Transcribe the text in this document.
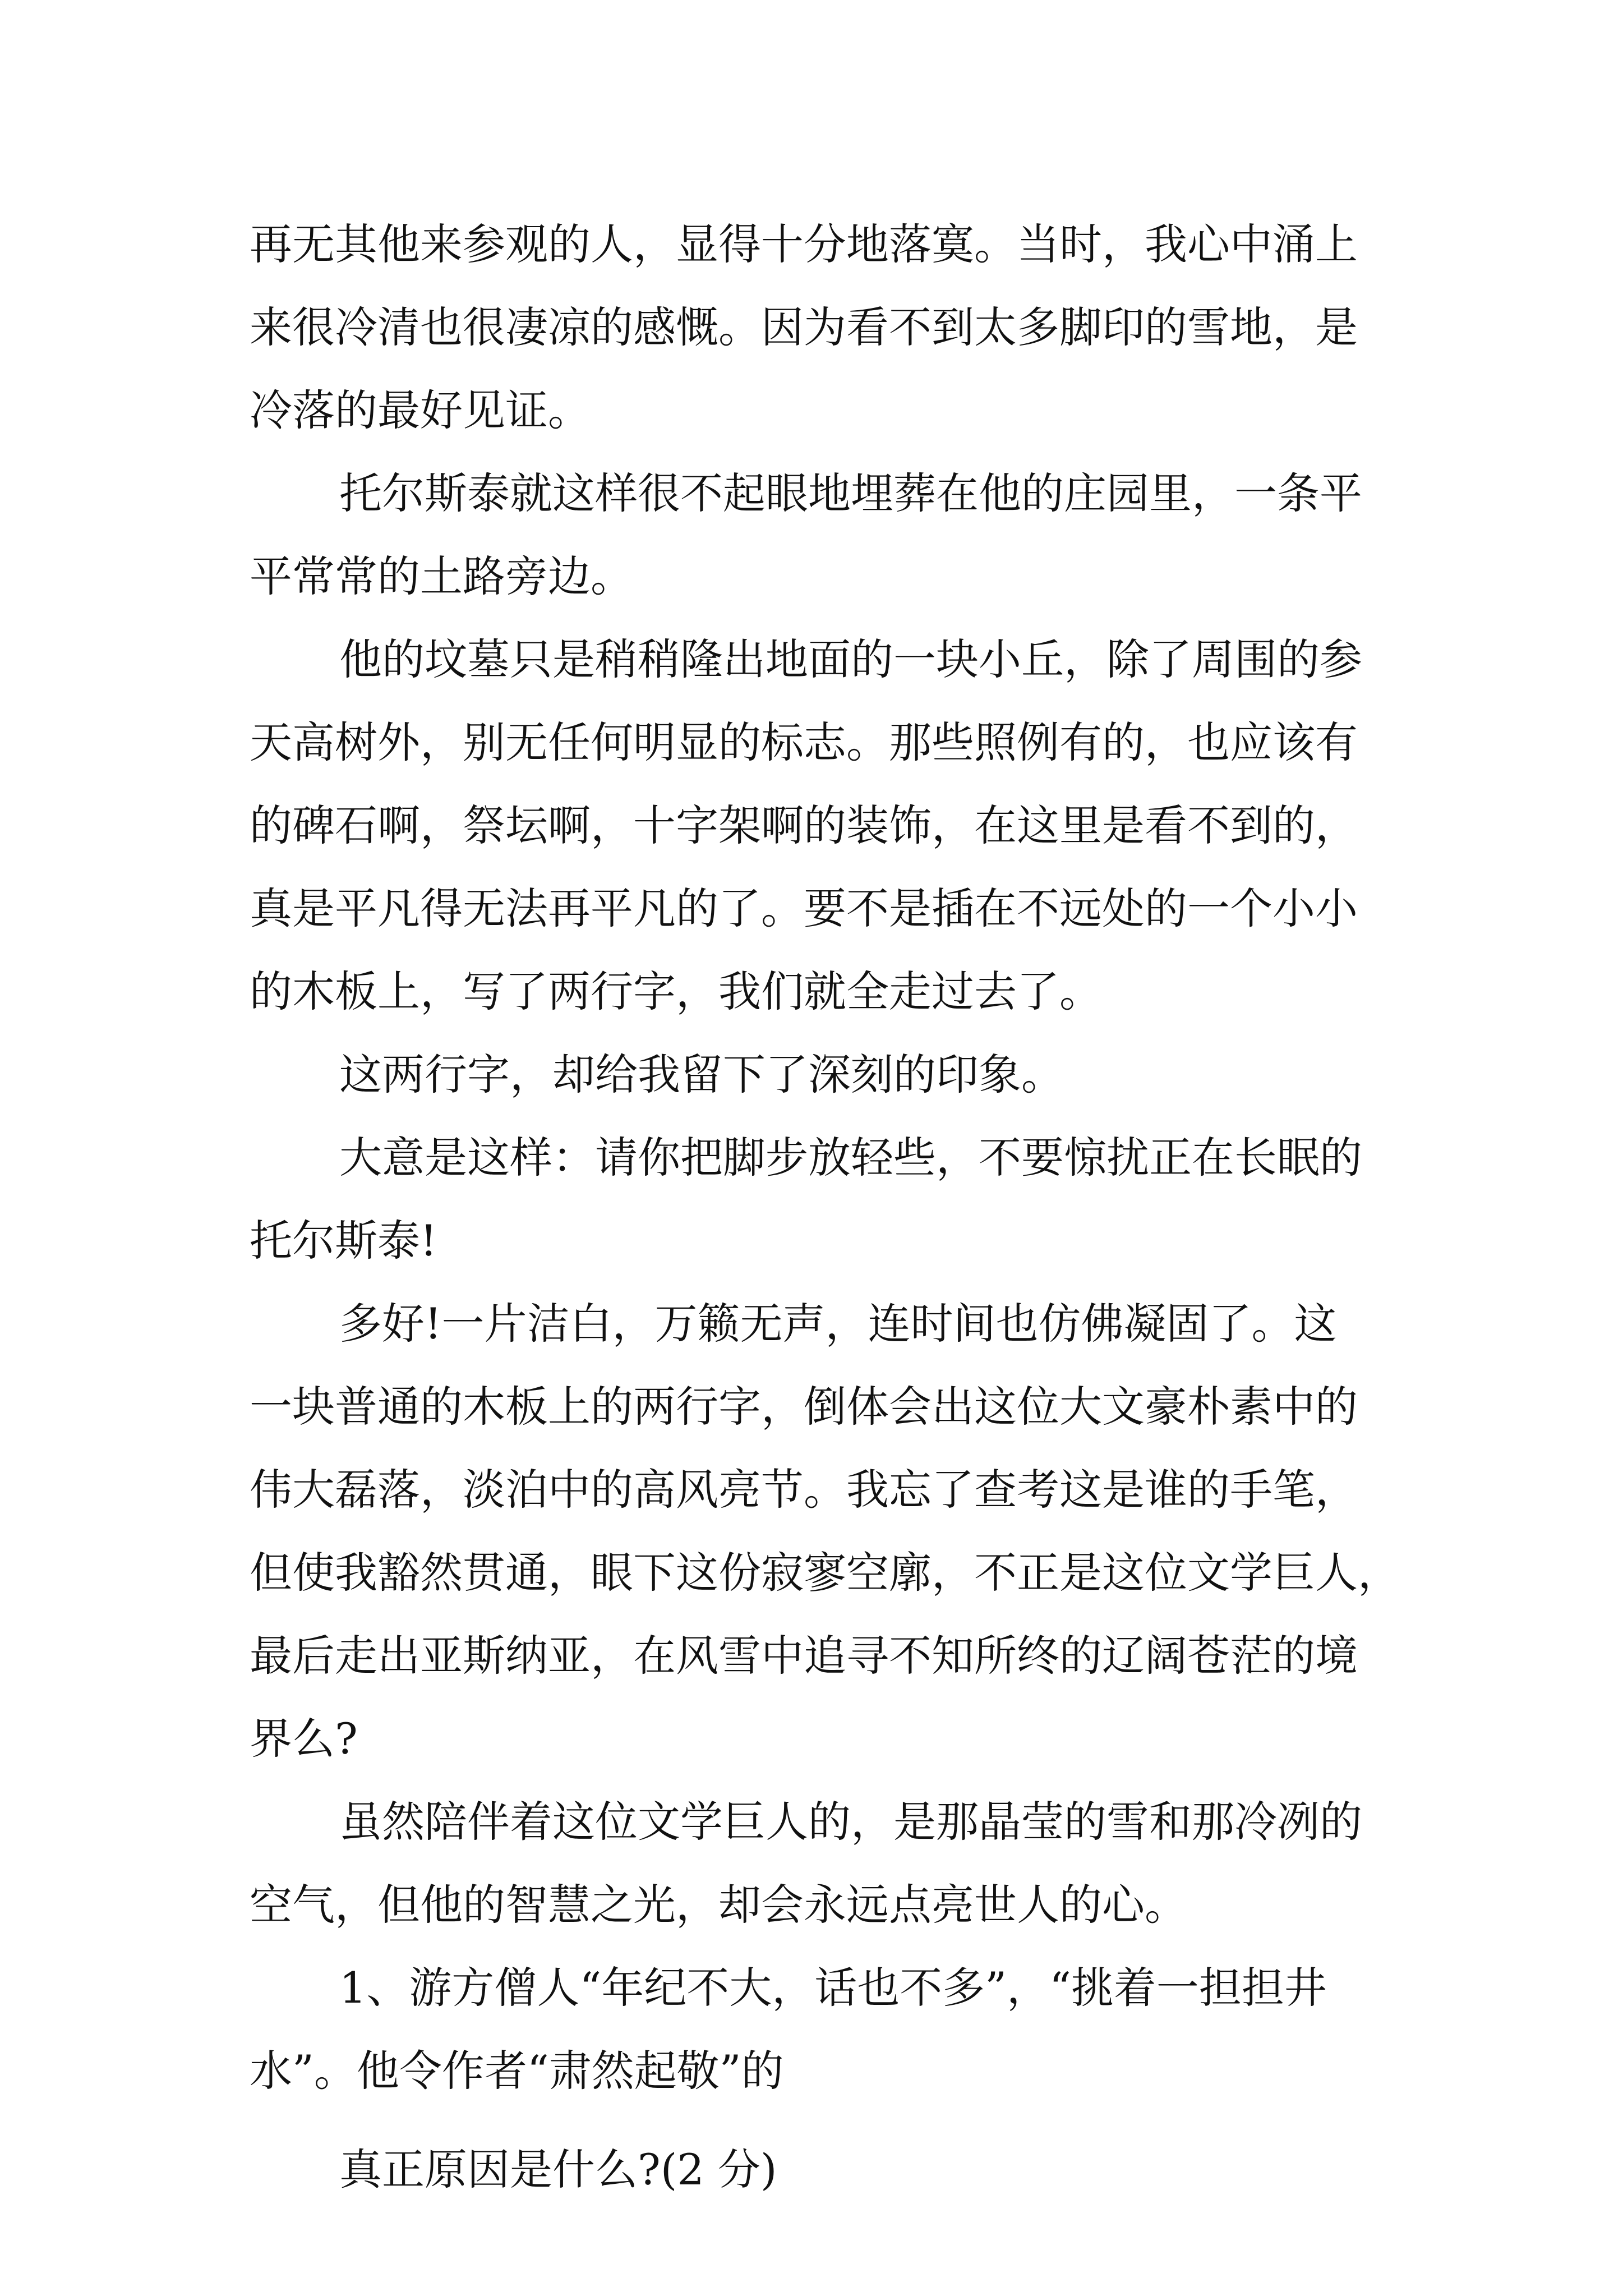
再无其他来参观的人，显得十分地落寞。当时，我心中涌上
来很冷清也很凄凉的感慨。因为看不到太多脚印的雪地，是
冷落的最好见证。

托尔斯泰就这样很不起眼地埋葬在他的庄园里，一条平
平常常的土路旁边。

他的坟墓只是稍稍隆出地面的一块小丘，除了周围的参
天高树外，别无任何明显的标志。那些照例有的，也应该有
的碑石啊，祭坛啊，十字架啊的装饰，在这里是看不到的，
真是平凡得无法再平凡的了。要不是插在不远处的一个小小
的木板上，写了两行字，我们就全走过去了。

这两行字，却给我留下了深刻的印象。

大意是这样：请你把脚步放轻些，不要惊扰正在长眠的
托尔斯泰!

多好!一片洁白，万籁无声，连时间也仿佛凝固了。这
一块普通的木板上的两行字，倒体会出这位大文豪朴素中的
伟大磊落，淡泊中的高风亮节。我忘了查考这是谁的手笔，
但使我豁然贯通，眼下这份寂寥空廓，不正是这位文学巨人，
最后走出亚斯纳亚，在风雪中追寻不知所终的辽阔苍茫的境
界么?

虽然陪伴着这位文学巨人的，是那晶莹的雪和那冷冽的
空气，但他的智慧之光，却会永远点亮世人的心。

1、游方僧人“年纪不大，话也不多”，“挑着一担担井
水”。他令作者“肃然起敬”的

真正原因是什么?(2 分)
